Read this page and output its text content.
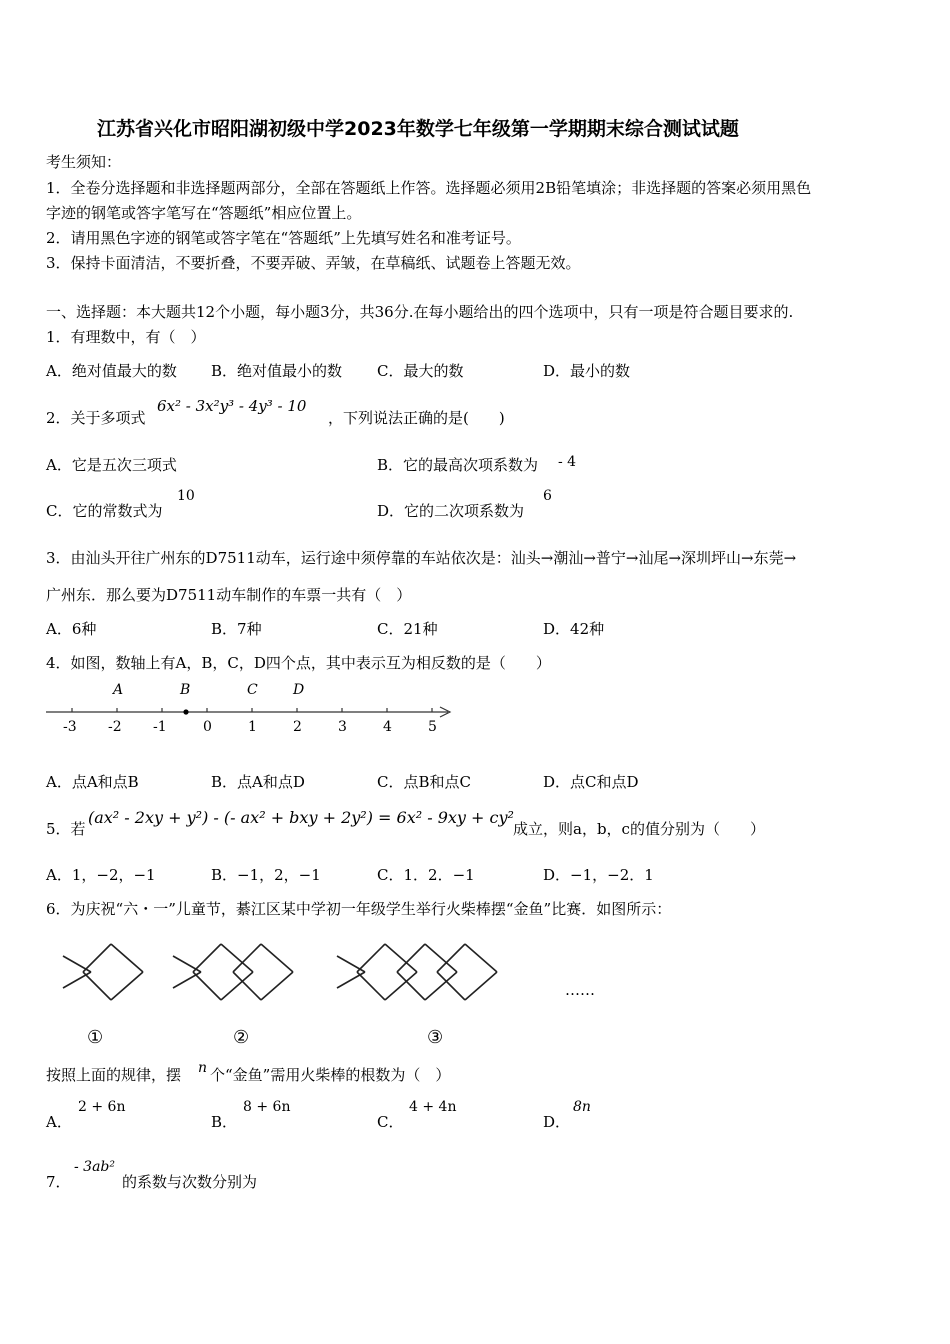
江苏省兴化市昭阳湖初级中学2023年数学七年级第一学期期末综合测试试题
考生须知：
1．全卷分选择题和非选择题两部分，全部在答题纸上作答。选择题必须用2B铅笔填涂；非选择题的答案必须用黑色
字迹的钢笔或答字笔写在“答题纸”相应位置上。
2．请用黑色字迹的钢笔或答字笔在“答题纸”上先填写姓名和准考证号。
3．保持卡面清洁，不要折叠，不要弄破、弄皱，在草稿纸、试题卷上答题无效。
一、选择题：本大题共12个小题，每小题3分，共36分.在每小题给出的四个选项中，只有一项是符合题目要求的.
1．有理数中，有（　）
A．绝对值最大的数 B．绝对值最小的数 C．最大的数	D．最小的数
2．关于多项式
6x² - 3x²y³ - 4y³ - 10
，下列说法正确的是(　　)
A．它是五次三项式	B．它的最高次项系数为 - 4
C．它的常数式为
10
D．它的二次项系数为
6
3．由汕头开往广州东的D7511动车，运行途中须停靠的车站依次是：汕头→潮汕→普宁→汕尾→深圳坪山→东莞→
广州东．那么要为D7511动车制作的车票一共有（　）
A．6种	B．7种	C．21种	D．42种
4．如图，数轴上有A，B，C，D四个点，其中表示互为相反数的是（　　）
A	B	C	D
-3 -2 -1	0	1	2	3	4	5
A．点A和点B	B．点A和点D	C．点B和点C	D．点C和点D
5．若
(ax² - 2xy + y²) - (- ax² + bxy + 2y²) = 6x² - 9xy + cy²
成立，则a，b，c的值分别为（　　）
A．1，−2，−1	B．−1，2，−1	C．1．2．−1	D．−1，−2．1
6．为庆祝“六・一”儿童节，綦江区某中学初一年级学生举行火柴棒摆“金鱼”比赛．如图所示：
……
①	②	③
按照上面的规律，摆 n 个“金鱼”需用火柴棒的根数为（　）
A．
2 + 6n
B．
8 + 6n
C．
4 + 4n
D．
8n
7．
- 3ab²
的系数与次数分别为
